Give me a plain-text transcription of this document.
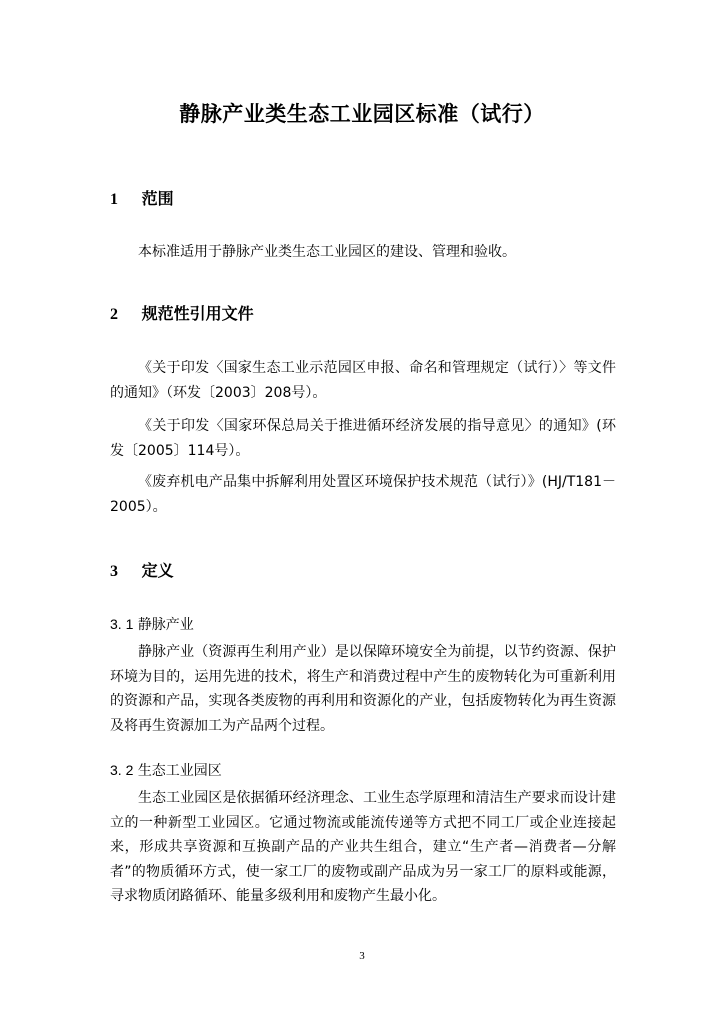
静脉产业类生态工业园区标准（试行）
1 范围

本标准适用于静脉产业类生态工业园区的建设、管理和验收。

2 规范性引用文件

《关于印发〈国家生态工业示范园区申报、命名和管理规定（试行）〉等文件的通知》（环发〔2003〕208号）。

《关于印发〈国家环保总局关于推进循环经济发展的指导意见〉的通知》(环发〔2005〕114号）。

《废弃机电产品集中拆解利用处置区环境保护技术规范（试行）》(HJ/T181－2005）。

3 定义
3. 1 静脉产业

静脉产业（资源再生利用产业）是以保障环境安全为前提，以节约资源、保护环境为目的，运用先进的技术，将生产和消费过程中产生的废物转化为可重新利用的资源和产品，实现各类废物的再利用和资源化的产业，包括废物转化为再生资源及将再生资源加工为产品两个过程。

3. 2 生态工业园区

生态工业园区是依据循环经济理念、工业生态学原理和清洁生产要求而设计建立的一种新型工业园区。它通过物流或能流传递等方式把不同工厂或企业连接起来，形成共享资源和互换副产品的产业共生组合，建立“生产者—消费者—分解者”的物质循环方式，使一家工厂的废物或副产品成为另一家工厂的原料或能源，寻求物质闭路循环、能量多级利用和废物产生最小化。

3
